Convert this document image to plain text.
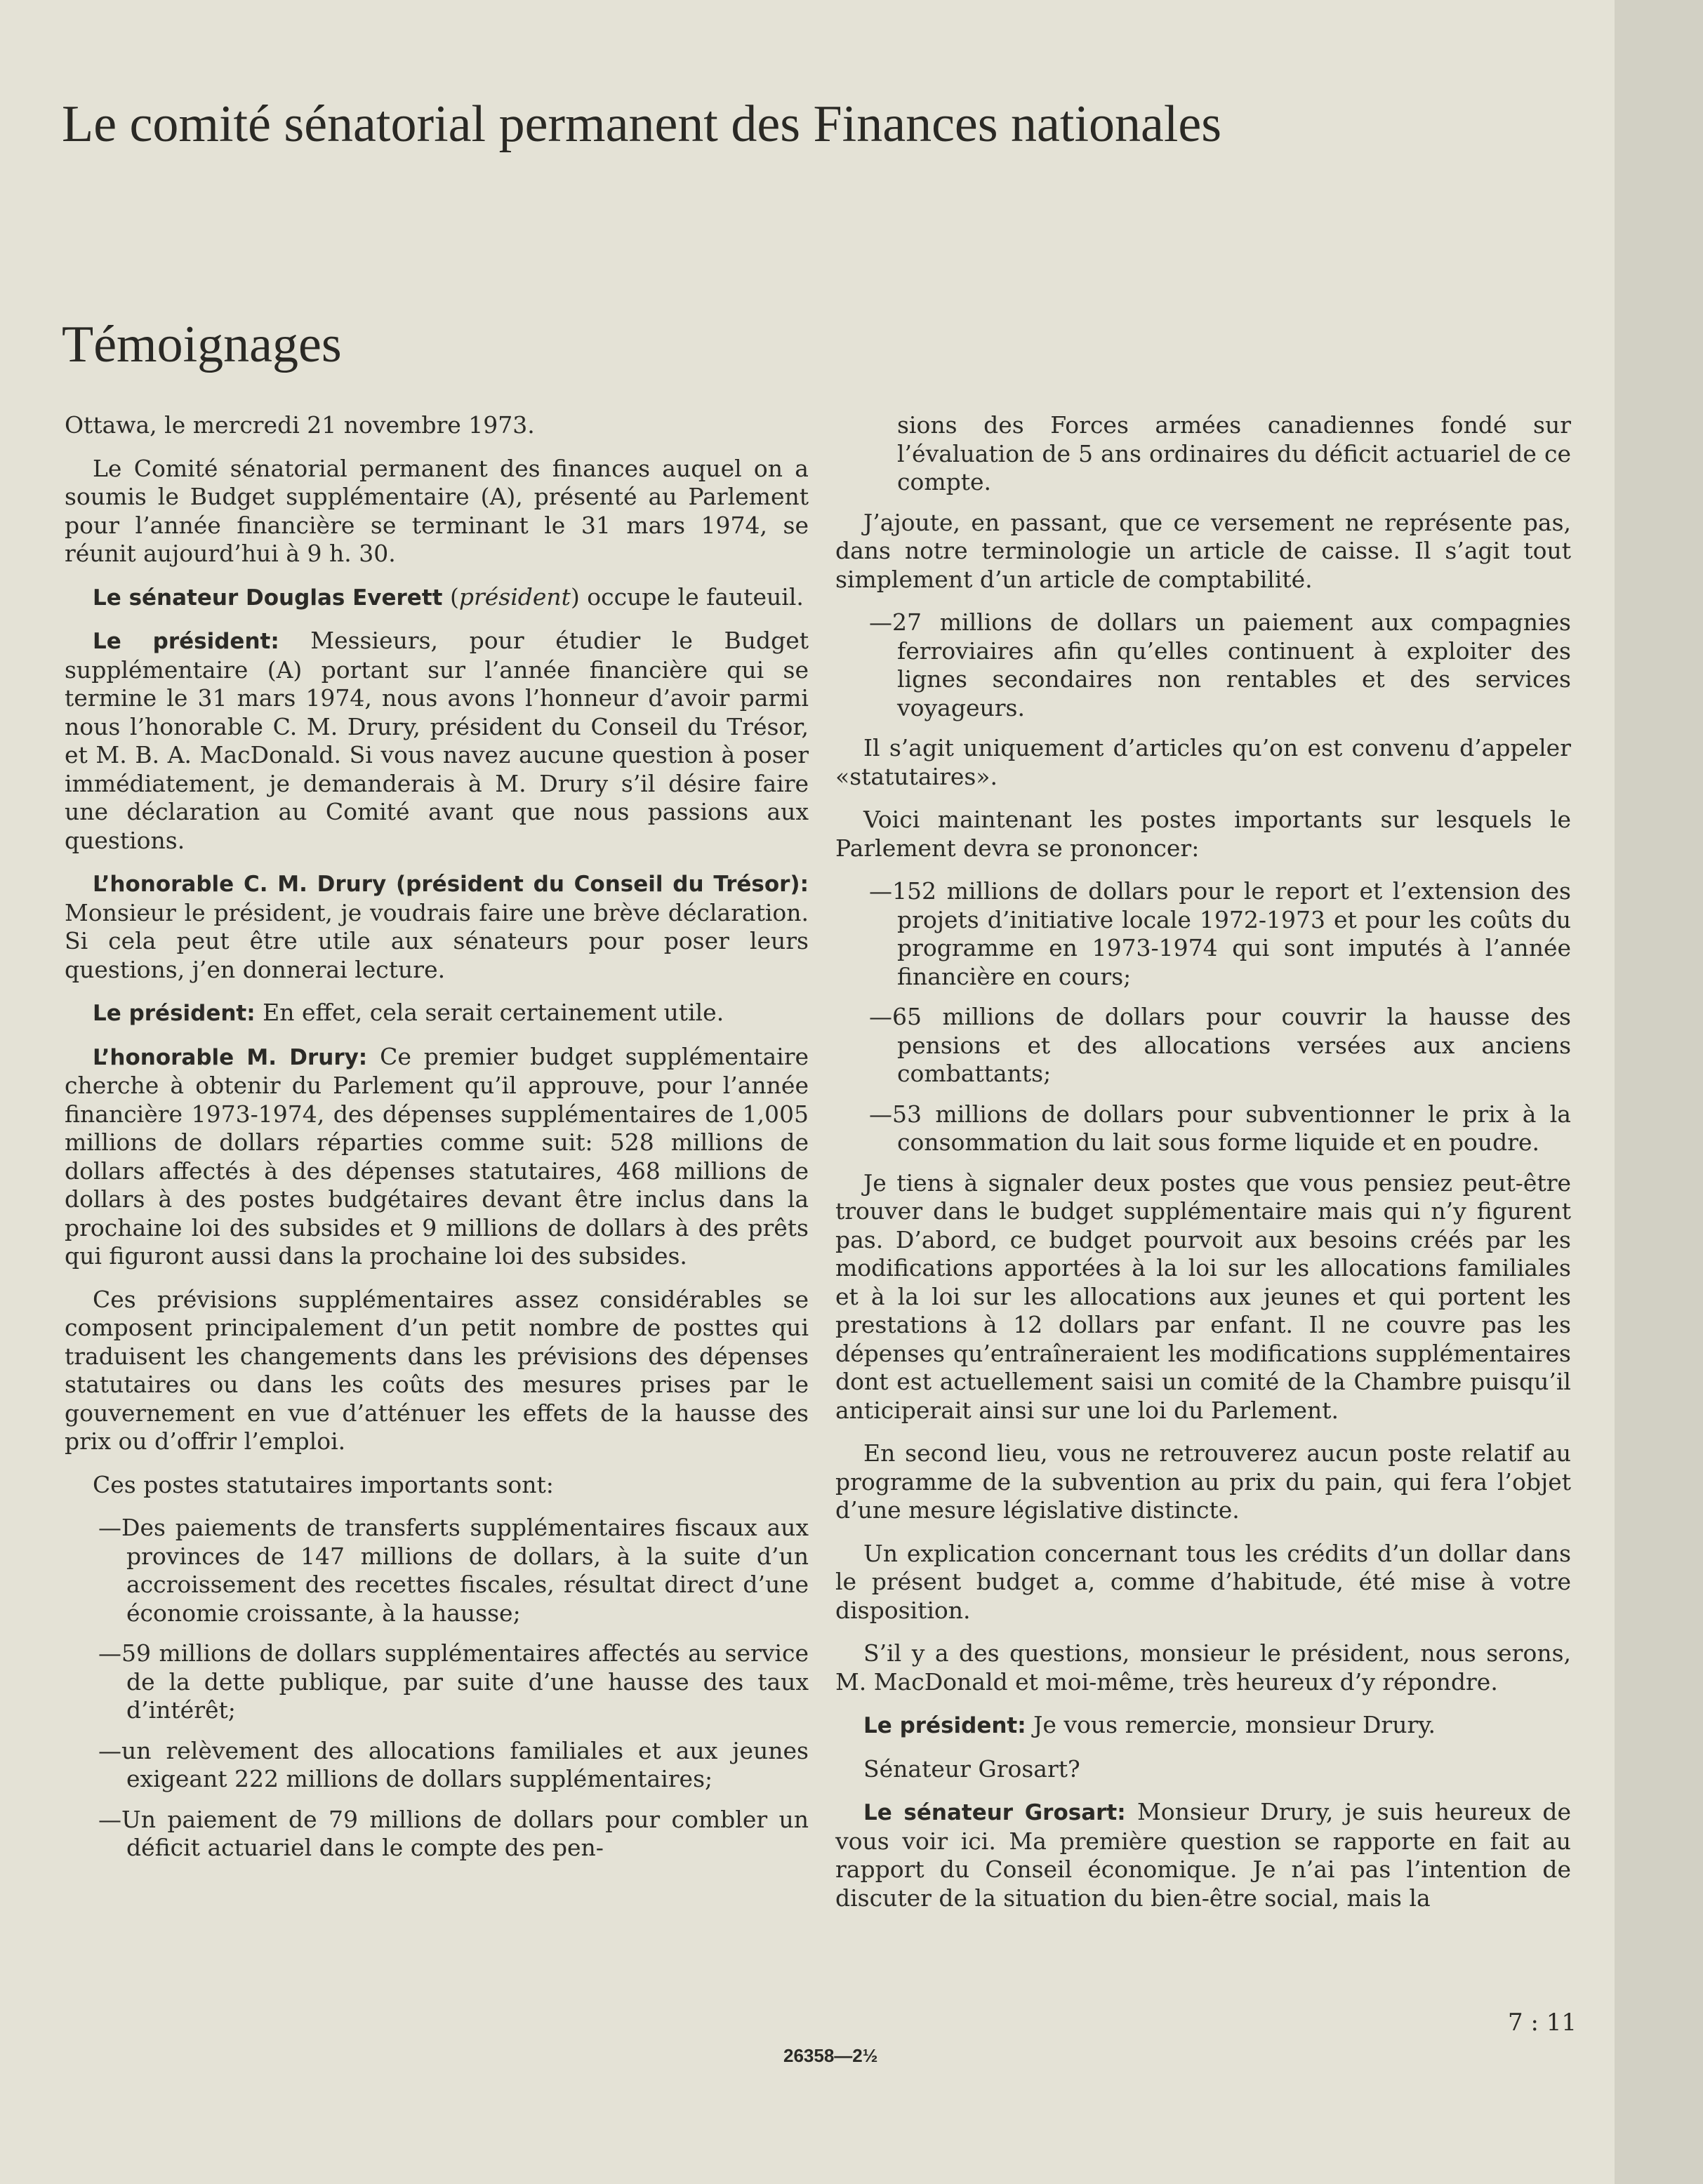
Le comité sénatorial permanent des Finances nationales
Témoignages

Ottawa, le mercredi 21 novembre 1973.

Le Comité sénatorial permanent des finances auquel on a soumis le Budget supplémentaire (A), présenté au Parlement pour l’année financière se terminant le 31 mars 1974, se réunit aujourd’hui à 9 h. 30.

Le sénateur Douglas Everett (président) occupe le fauteuil.

Le président: Messieurs, pour étudier le Budget supplémentaire (A) portant sur l’année financière qui se termine le 31 mars 1974, nous avons l’honneur d’avoir parmi nous l’honorable C. M. Drury, président du Conseil du Trésor, et M. B. A. MacDonald. Si vous navez aucune question à poser immédiatement, je demanderais à M. Drury s’il désire faire une déclaration au Comité avant que nous passions aux questions.

L’honorable C. M. Drury (président du Conseil du Trésor): Monsieur le président, je voudrais faire une brève déclaration. Si cela peut être utile aux sénateurs pour poser leurs questions, j’en donnerai lecture.

Le président: En effet, cela serait certainement utile.

L’honorable M. Drury: Ce premier budget supplémentaire cherche à obtenir du Parlement qu’il approuve, pour l’année financière 1973-1974, des dépenses supplémentaires de 1,005 millions de dollars réparties comme suit: 528 millions de dollars affectés à des dépenses statutaires, 468 millions de dollars à des postes budgétaires devant être inclus dans la prochaine loi des subsides et 9 millions de dollars à des prêts qui figuront aussi dans la prochaine loi des subsides.

Ces prévisions supplémentaires assez considérables se composent principalement d’un petit nombre de posttes qui traduisent les changements dans les prévisions des dépenses statutaires ou dans les coûts des mesures prises par le gouvernement en vue d’atténuer les effets de la hausse des prix ou d’offrir l’emploi.

Ces postes statutaires importants sont:

—Des paiements de transferts supplémentaires fiscaux aux provinces de 147 millions de dollars, à la suite d’un accroissement des recettes fiscales, résultat direct d’une économie croissante, à la hausse;

—59 millions de dollars supplémentaires affectés au service de la dette publique, par suite d’une hausse des taux d’intérêt;

—un relèvement des allocations familiales et aux jeunes exigeant 222 millions de dollars supplémentaires;

—Un paiement de 79 millions de dollars pour combler un déficit actuariel dans le compte des pen-

sions des Forces armées canadiennes fondé sur l’évaluation de 5 ans ordinaires du déficit actuariel de ce compte.

J’ajoute, en passant, que ce versement ne représente pas, dans notre terminologie un article de caisse. Il s’agit tout simplement d’un article de comptabilité.

—27 millions de dollars un paiement aux compagnies ferroviaires afin qu’elles continuent à exploiter des lignes secondaires non rentables et des services voyageurs.

Il s’agit uniquement d’articles qu’on est convenu d’appeler «statutaires».

Voici maintenant les postes importants sur lesquels le Parlement devra se prononcer:

—152 millions de dollars pour le report et l’extension des projets d’initiative locale 1972-1973 et pour les coûts du programme en 1973-1974 qui sont imputés à l’année financière en cours;

—65 millions de dollars pour couvrir la hausse des pensions et des allocations versées aux anciens combattants;

—53 millions de dollars pour subventionner le prix à la consommation du lait sous forme liquide et en poudre.

Je tiens à signaler deux postes que vous pensiez peut-être trouver dans le budget supplémentaire mais qui n’y figurent pas. D’abord, ce budget pourvoit aux besoins créés par les modifications apportées à la loi sur les allocations familiales et à la loi sur les allocations aux jeunes et qui portent les prestations à 12 dollars par enfant. Il ne couvre pas les dépenses qu’entraîneraient les modifications supplémentaires dont est actuellement saisi un comité de la Chambre puisqu’il anticiperait ainsi sur une loi du Parlement.

En second lieu, vous ne retrouverez aucun poste relatif au programme de la subvention au prix du pain, qui fera l’objet d’une mesure législative distincte.

Un explication concernant tous les crédits d’un dollar dans le présent budget a, comme d’habitude, été mise à votre disposition.

S’il y a des questions, monsieur le président, nous serons, M. MacDonald et moi-même, très heureux d’y répondre.

Le président: Je vous remercie, monsieur Drury.

Sénateur Grosart?

Le sénateur Grosart: Monsieur Drury, je suis heureux de vous voir ici. Ma première question se rapporte en fait au rapport du Conseil économique. Je n’ai pas l’intention de discuter de la situation du bien-être social, mais la

7 : 11
26358—2½
